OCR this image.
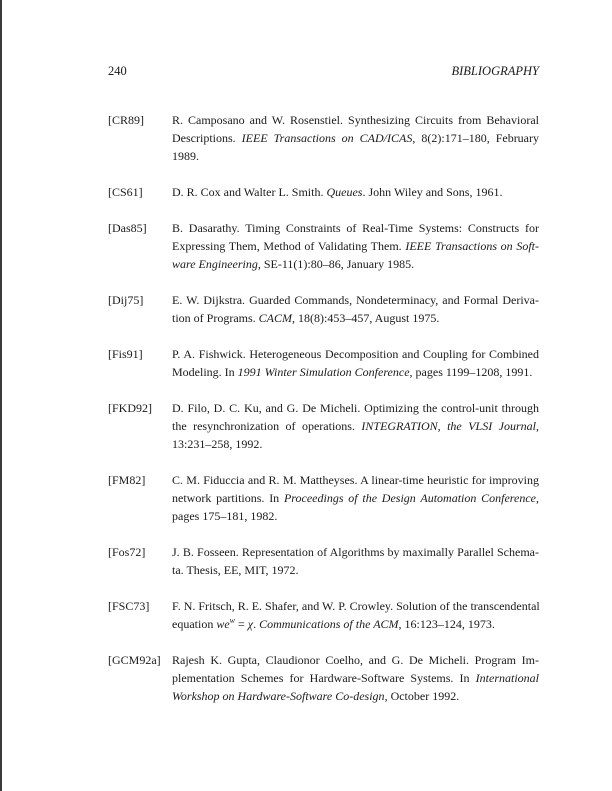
240	BIBLIOGRAPHY
[CR89] R. Camposano and W. Rosenstiel. Synthesizing Circuits from Behavioral
Descriptions. IEEE Transactions on CAD/ICAS, 8(2):171–180, February
1989.
[CS61] D. R. Cox and Walter L. Smith. Queues. John Wiley and Sons, 1961.
[Das85] B. Dasarathy. Timing Constraints of Real-Time Systems: Constructs for
Expressing Them, Method of Validating Them. IEEE Transactions on Soft-
ware Engineering, SE-11(1):80–86, January 1985.
[Dij75] E. W. Dijkstra. Guarded Commands, Nondeterminacy, and Formal Deriva-
tion of Programs. CACM, 18(8):453–457, August 1975.
[Fis91] P. A. Fishwick. Heterogeneous Decomposition and Coupling for Combined
Modeling. In 1991 Winter Simulation Conference, pages 1199–1208, 1991.
[FKD92] D. Filo, D. C. Ku, and G. De Micheli. Optimizing the control-unit through
the resynchronization of operations. INTEGRATION, the VLSI Journal,
13:231–258, 1992.
[FM82] C. M. Fiduccia and R. M. Mattheyses. A linear-time heuristic for improving
network partitions. In Proceedings of the Design Automation Conference,
pages 175–181, 1982.
[Fos72] J. B. Fosseen. Representation of Algorithms by maximally Parallel Schema-
ta. Thesis, EE, MIT, 1972.
[FSC73] F. N. Fritsch, R. E. Shafer, and W. P. Crowley. Solution of the transcendental
equation $we^w = \chi$. Communications of the ACM, 16:123–124, 1973.
[GCM92a] Rajesh K. Gupta, Claudionor Coelho, and G. De Micheli. Program Im-
plementation Schemes for Hardware-Software Systems. In International
Workshop on Hardware-Software Co-design, October 1992.
